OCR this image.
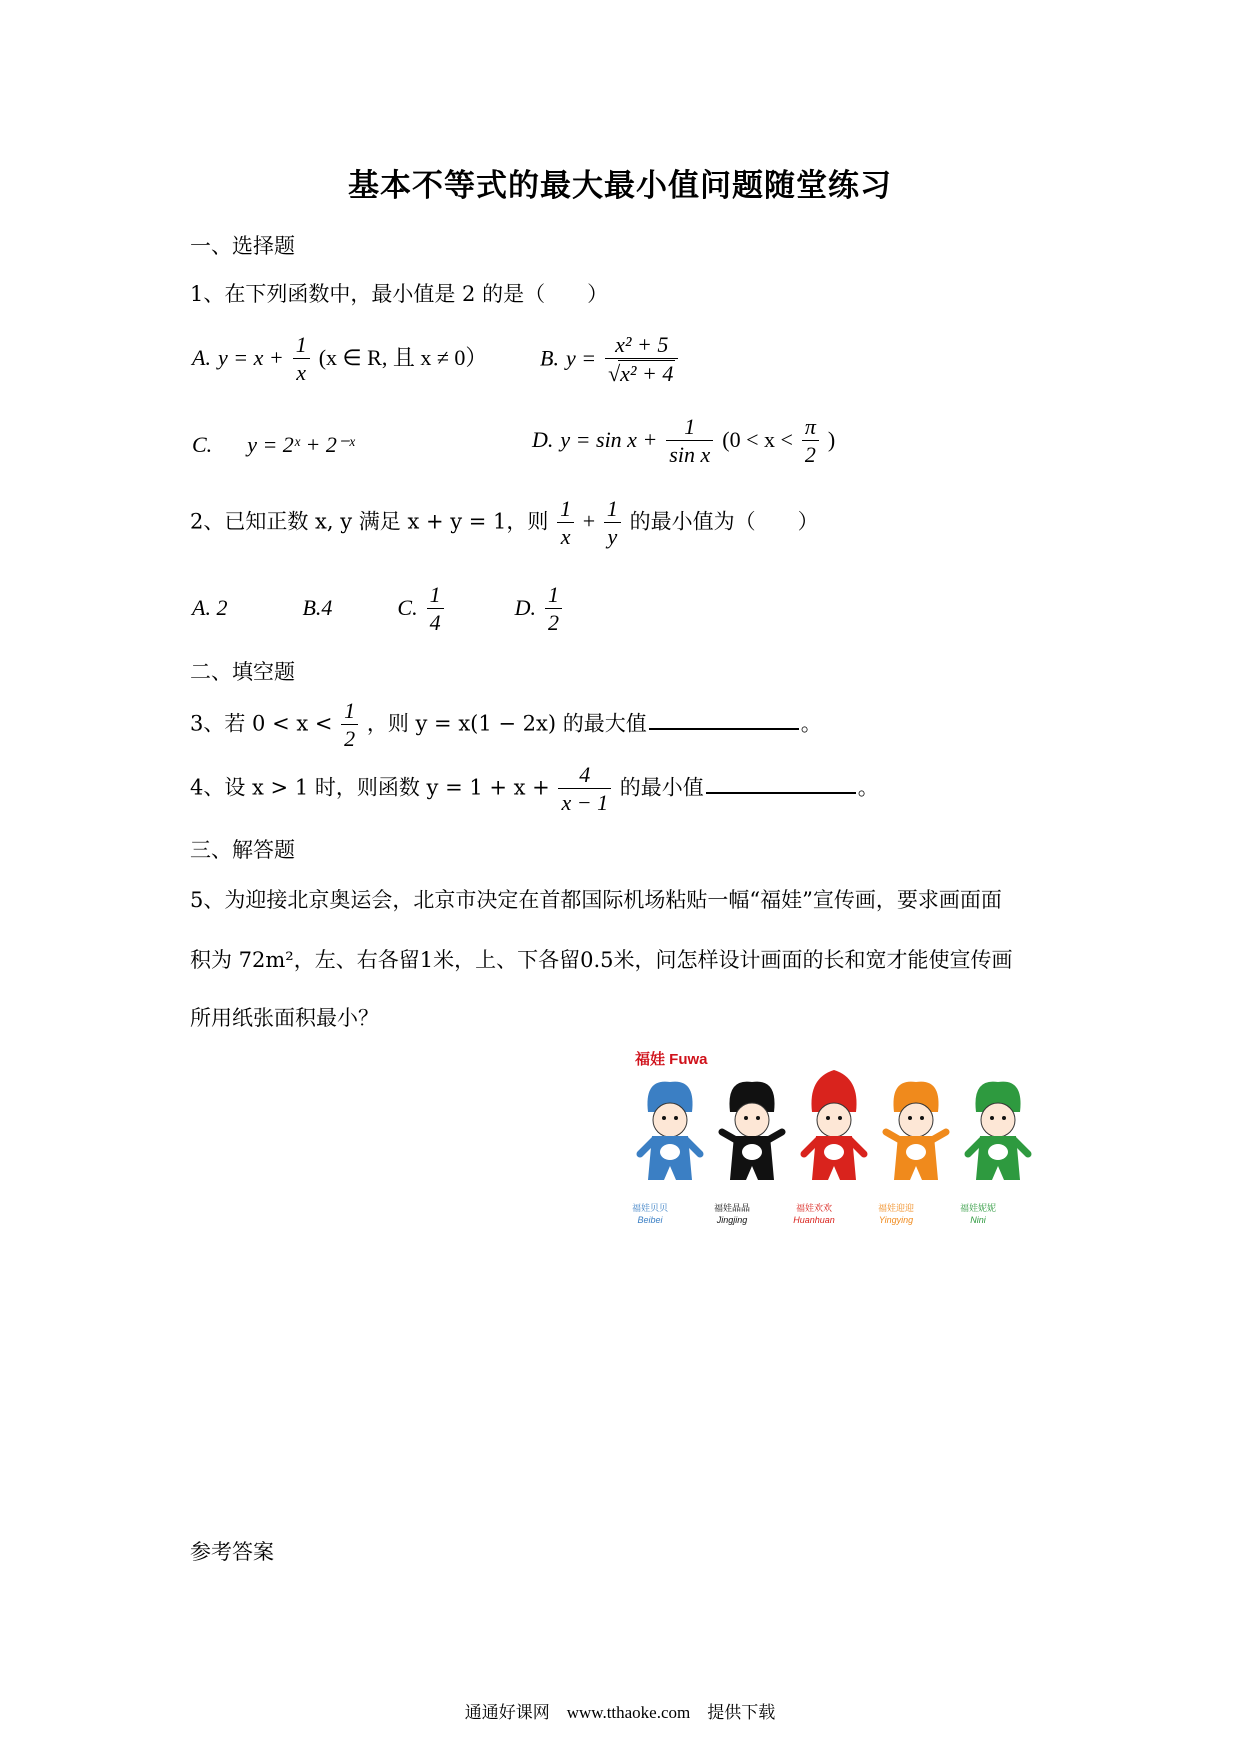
基本不等式的最大最小值问题随堂练习
一、选择题
1、在下列函数中，最小值是 2 的是（　　）
A. $y = x + \frac{1}{x} (x$ ∈ R, 且 x ≠ 0） B. $y = \frac{\text{x² + 5}}{\text{√x² + 4}}$
C. y = 2ˣ + 2⁻ˣ	D. $y = \sin x + \frac{1}{\text{sin x}} (0 < x < \frac{\pi}{2}$ )
2、已知正数 x, y 满足 x + y = 1，则 $\frac{1}{x} + \frac{1}{y}$ 的最小值为（　　）
A. 2	B.4	C. $\frac{1}{4}$	D. $\frac{1}{2}$
二、填空题
3、若 $0 < x < \frac{1}{2}$ ，则 y = x(1 − 2x) 的最大值	。
4、设 x > 1 时，则函数 $y = 1 + x + \frac{4}{x - 1}$ 的最小值	。
三、解答题
5、为迎接北京奥运会，北京市决定在首都国际机场粘贴一幅“福娃”宣传画，要求画面面
积为 72m²，左、右各留1米，上、下各留0.5米，问怎样设计画面的长和宽才能使宣传画
所用纸张面积最小？
福娃 Fuwa
福娃贝贝
Beibei
福娃晶晶
Jingjing
福娃欢欢
Huanhuan
福娃迎迎
Yingying
福娃妮妮
Nini
参考答案
通通好课网　www.tthaoke.com　提供下载
